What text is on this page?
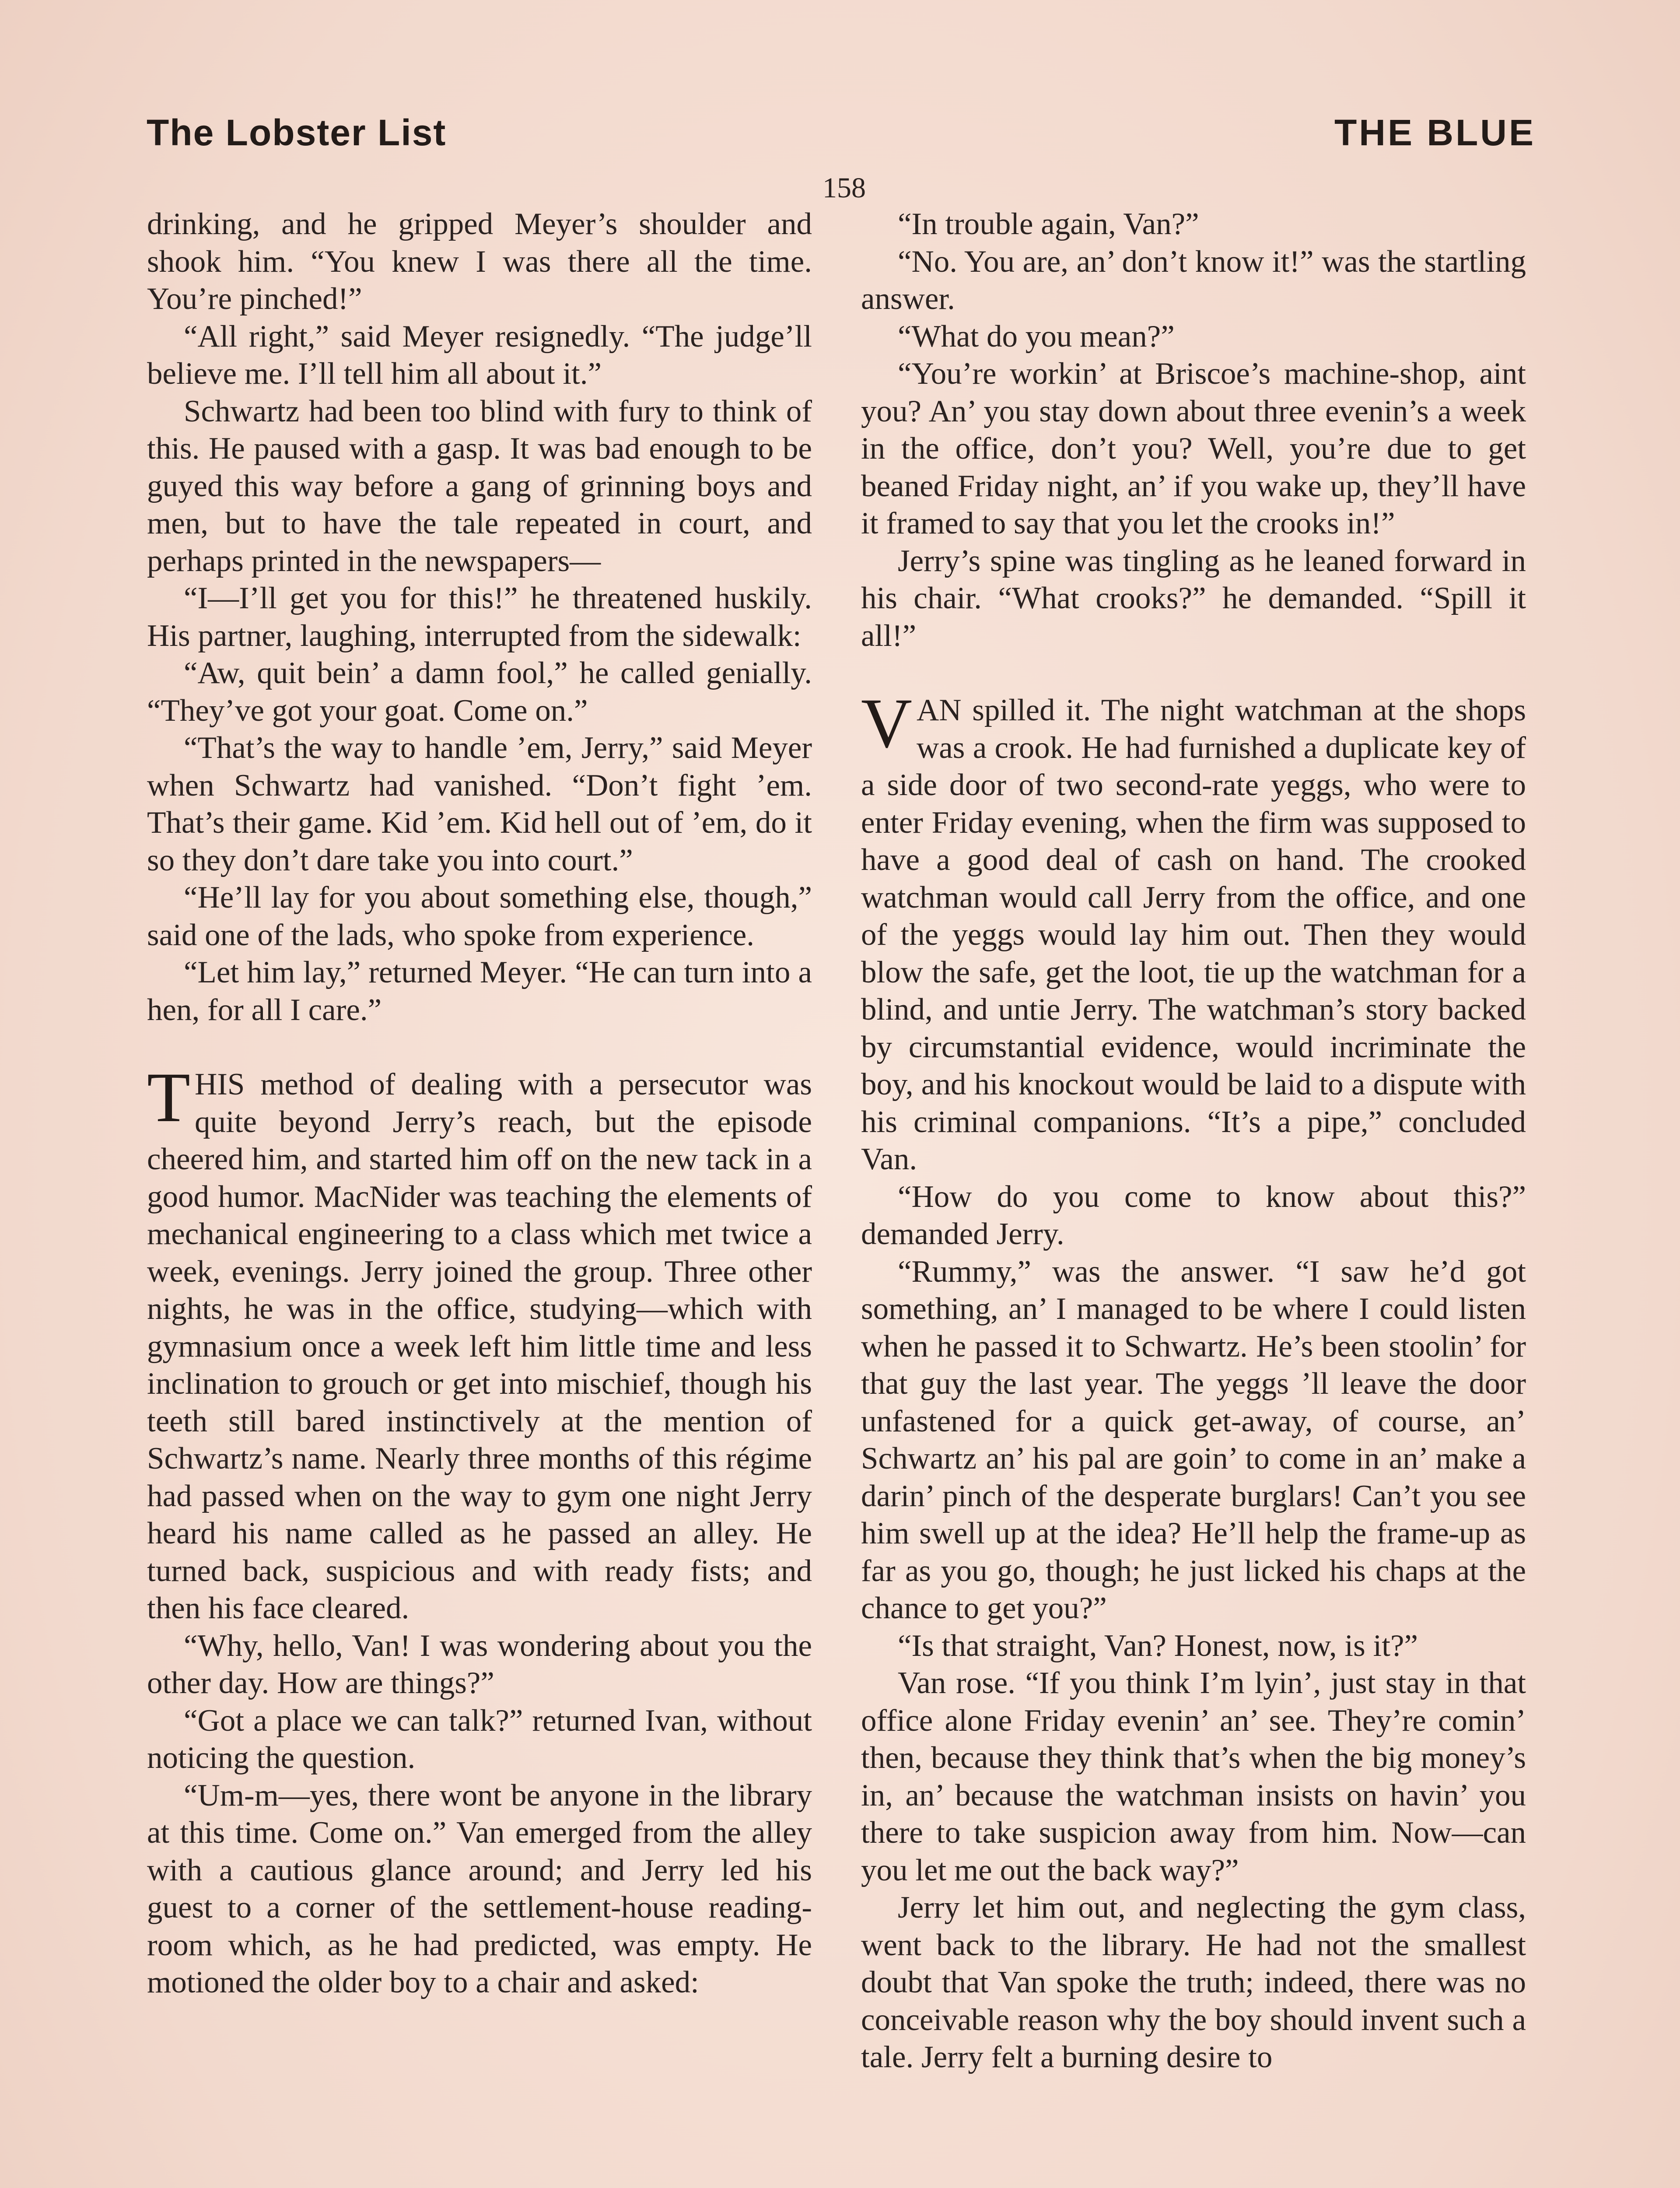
The Lobster List	THE BLUE
158

drinking, and he gripped Meyer’s shoulder and shook him. “You knew I was there all the time. You’re pinched!”

“All right,” said Meyer resignedly. “The judge’ll believe me. I’ll tell him all about it.”

Schwartz had been too blind with fury to think of this. He paused with a gasp. It was bad enough to be guyed this way before a gang of grinning boys and men, but to have the tale repeated in court, and perhaps printed in the newspapers—

“I—I’ll get you for this!” he threatened huskily. His partner, laughing, interrupted from the sidewalk:

“Aw, quit bein’ a damn fool,” he called genially. “They’ve got your goat. Come on.”

“That’s the way to handle ’em, Jerry,” said Meyer when Schwartz had vanished. “Don’t fight ’em. That’s their game. Kid ’em. Kid hell out of ’em, do it so they don’t dare take you into court.”

“He’ll lay for you about something else, though,” said one of the lads, who spoke from experience.

“Let him lay,” returned Meyer. “He can turn into a hen, for all I care.”

THIS method of dealing with a persecutor was quite beyond Jerry’s reach, but the episode cheered him, and started him off on the new tack in a good humor. MacNider was teaching the elements of mechanical engineering to a class which met twice a week, evenings. Jerry joined the group. Three other nights, he was in the office, studying—which with gymnasium once a week left him little time and less inclination to grouch or get into mischief, though his teeth still bared instinctively at the mention of Schwartz’s name. Nearly three months of this régime had passed when on the way to gym one night Jerry heard his name called as he passed an alley. He turned back, suspicious and with ready fists; and then his face cleared.

“Why, hello, Van! I was wondering about you the other day. How are things?”

“Got a place we can talk?” returned Ivan, without noticing the question.

“Um-m—yes, there wont be anyone in the library at this time. Come on.” Van emerged from the alley with a cautious glance around; and Jerry led his guest to a corner of the settlement-house reading-room which, as he had predicted, was empty. He motioned the older boy to a chair and asked:

“In trouble again, Van?”

“No. You are, an’ don’t know it!” was the startling answer.

“What do you mean?”

“You’re workin’ at Briscoe’s machine-shop, aint you? An’ you stay down about three evenin’s a week in the office, don’t you? Well, you’re due to get beaned Friday night, an’ if you wake up, they’ll have it framed to say that you let the crooks in!”

Jerry’s spine was tingling as he leaned forward in his chair. “What crooks?” he demanded. “Spill it all!”

VAN spilled it. The night watchman at the shops was a crook. He had furnished a duplicate key of a side door of two second-rate yeggs, who were to enter Friday evening, when the firm was supposed to have a good deal of cash on hand. The crooked watchman would call Jerry from the office, and one of the yeggs would lay him out. Then they would blow the safe, get the loot, tie up the watchman for a blind, and untie Jerry. The watchman’s story backed by circumstantial evidence, would incriminate the boy, and his knockout would be laid to a dispute with his criminal companions. “It’s a pipe,” concluded Van.

“How do you come to know about this?” demanded Jerry.

“Rummy,” was the answer. “I saw he’d got something, an’ I managed to be where I could listen when he passed it to Schwartz. He’s been stoolin’ for that guy the last year. The yeggs ’ll leave the door unfastened for a quick get-away, of course, an’ Schwartz an’ his pal are goin’ to come in an’ make a darin’ pinch of the desperate burglars! Can’t you see him swell up at the idea? He’ll help the frame-up as far as you go, though; he just licked his chaps at the chance to get you?”

“Is that straight, Van? Honest, now, is it?”

Van rose. “If you think I’m lyin’, just stay in that office alone Friday evenin’ an’ see. They’re comin’ then, because they think that’s when the big money’s in, an’ because the watchman insists on havin’ you there to take suspicion away from him. Now—can you let me out the back way?”

Jerry let him out, and neglecting the gym class, went back to the library. He had not the smallest doubt that Van spoke the truth; indeed, there was no conceivable reason why the boy should invent such a tale. Jerry felt a burning desire to
